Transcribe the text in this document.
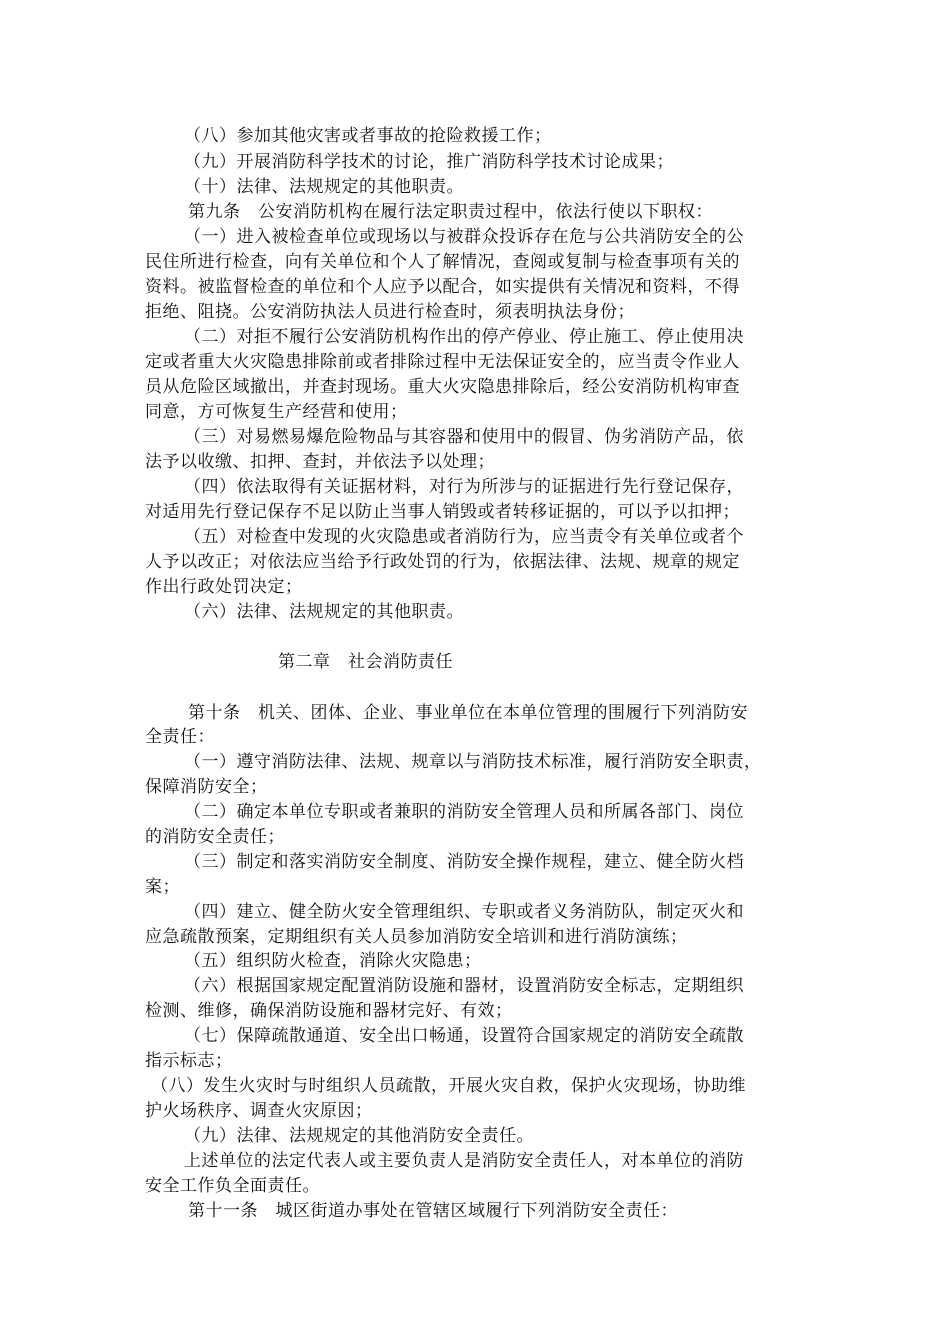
（八）参加其他灾害或者事故的抢险救援工作；
（九）开展消防科学技术的讨论，推广消防科学技术讨论成果；
（十）法律、法规规定的其他职责。
第九条　公安消防机构在履行法定职责过程中，依法行使以下职权：
（一）进入被检查单位或现场以与被群众投诉存在危与公共消防安全的公
民住所进行检查，向有关单位和个人了解情况，查阅或复制与检查事项有关的
资料。被监督检查的单位和个人应予以配合，如实提供有关情况和资料，不得
拒绝、阻挠。公安消防执法人员进行检查时，须表明执法身份；
（二）对拒不履行公安消防机构作出的停产停业、停止施工、停止使用决
定或者重大火灾隐患排除前或者排除过程中无法保证安全的，应当责令作业人
员从危险区域撤出，并查封现场。重大火灾隐患排除后，经公安消防机构审查
同意，方可恢复生产经营和使用；
（三）对易燃易爆危险物品与其容器和使用中的假冒、伪劣消防产品，依
法予以收缴、扣押、查封，并依法予以处理；
（四）依法取得有关证据材料，对行为所涉与的证据进行先行登记保存，
对适用先行登记保存不足以防止当事人销毁或者转移证据的，可以予以扣押；
（五）对检查中发现的火灾隐患或者消防行为，应当责令有关单位或者个
人予以改正；对依法应当给予行政处罚的行为，依据法律、法规、规章的规定
作出行政处罚决定；
（六）法律、法规规定的其他职责。
第二章　社会消防责任
第十条　机关、团体、企业、事业单位在本单位管理的围履行下列消防安
全责任：
（一）遵守消防法律、法规、规章以与消防技术标准，履行消防安全职责，
保障消防安全；
（二）确定本单位专职或者兼职的消防安全管理人员和所属各部门、岗位
的消防安全责任；
（三）制定和落实消防安全制度、消防安全操作规程，建立、健全防火档
案；
（四）建立、健全防火安全管理组织、专职或者义务消防队，制定灭火和
应急疏散预案，定期组织有关人员参加消防安全培训和进行消防演练；
（五）组织防火检查，消除火灾隐患；
（六）根据国家规定配置消防设施和器材，设置消防安全标志，定期组织
检测、维修，确保消防设施和器材完好、有效；
（七）保障疏散通道、安全出口畅通，设置符合国家规定的消防安全疏散
指示标志；
（八）发生火灾时与时组织人员疏散，开展火灾自救，保护火灾现场，协助维
护火场秩序、调查火灾原因；
（九）法律、法规规定的其他消防安全责任。
上述单位的法定代表人或主要负责人是消防安全责任人，对本单位的消防
安全工作负全面责任。
第十一条　城区街道办事处在管辖区域履行下列消防安全责任：
